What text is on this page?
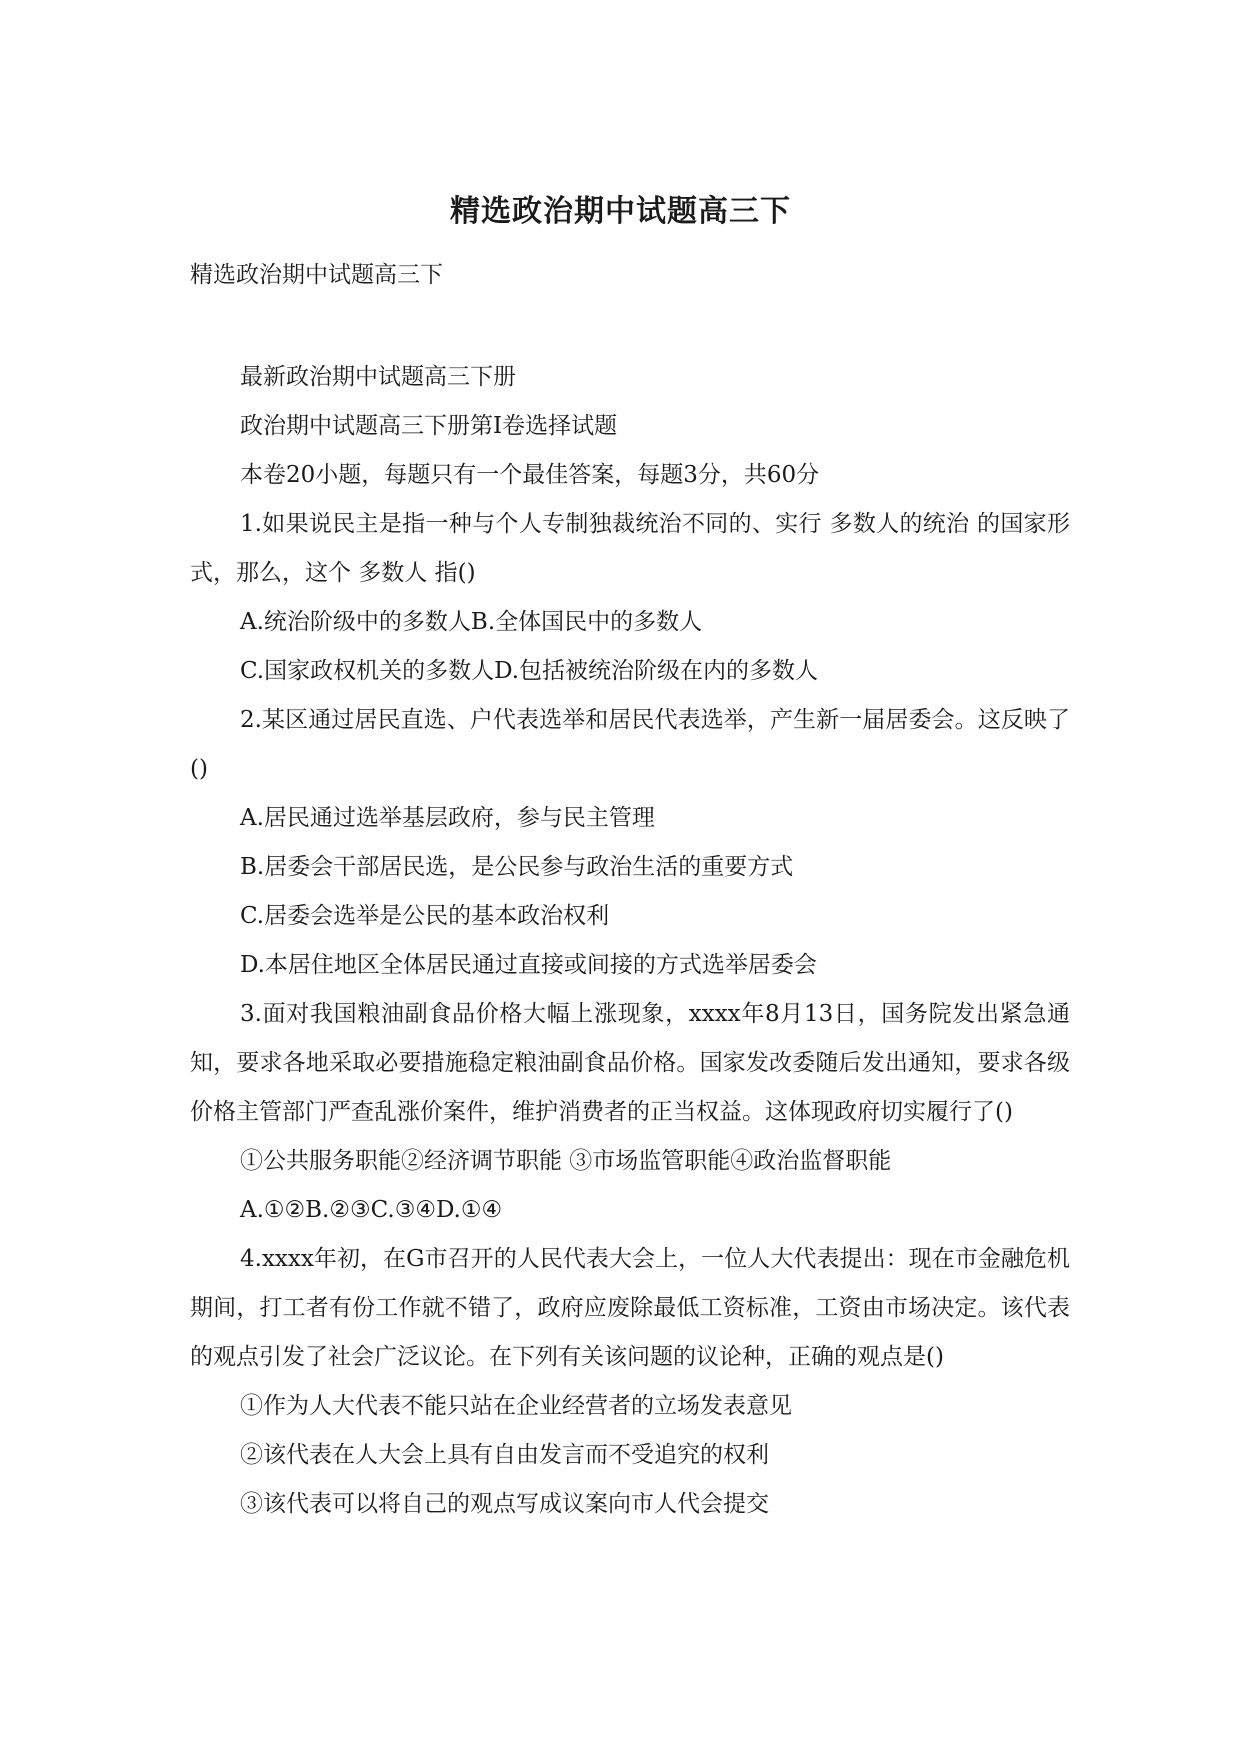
精选政治期中试题高三下

精选政治期中试题高三下

最新政治期中试题高三下册

政治期中试题高三下册第Ⅰ卷选择试题

本卷20小题，每题只有一个最佳答案，每题3分，共60分

1.如果说民主是指一种与个人专制独裁统治不同的、实行 多数人的统治 的国家形式，那么，这个 多数人 指()

A.统治阶级中的多数人B.全体国民中的多数人

C.国家政权机关的多数人D.包括被统治阶级在内的多数人

2.某区通过居民直选、户代表选举和居民代表选举，产生新一届居委会。这反映了()

A.居民通过选举基层政府，参与民主管理

B.居委会干部居民选，是公民参与政治生活的重要方式

C.居委会选举是公民的基本政治权利

D.本居住地区全体居民通过直接或间接的方式选举居委会

3.面对我国粮油副食品价格大幅上涨现象，xxxx年8月13日，国务院发出紧急通知，要求各地采取必要措施稳定粮油副食品价格。国家发改委随后发出通知，要求各级价格主管部门严查乱涨价案件，维护消费者的正当权益。这体现政府切实履行了()

①公共服务职能②经济调节职能 ③市场监管职能④政治监督职能

A.①②B.②③C.③④D.①④

4.xxxx年初，在G市召开的人民代表大会上，一位人大代表提出：现在市金融危机期间，打工者有份工作就不错了，政府应废除最低工资标准，工资由市场决定。该代表的观点引发了社会广泛议论。在下列有关该问题的议论种，正确的观点是()

①作为人大代表不能只站在企业经营者的立场发表意见

②该代表在人大会上具有自由发言而不受追究的权利

③该代表可以将自己的观点写成议案向市人代会提交
